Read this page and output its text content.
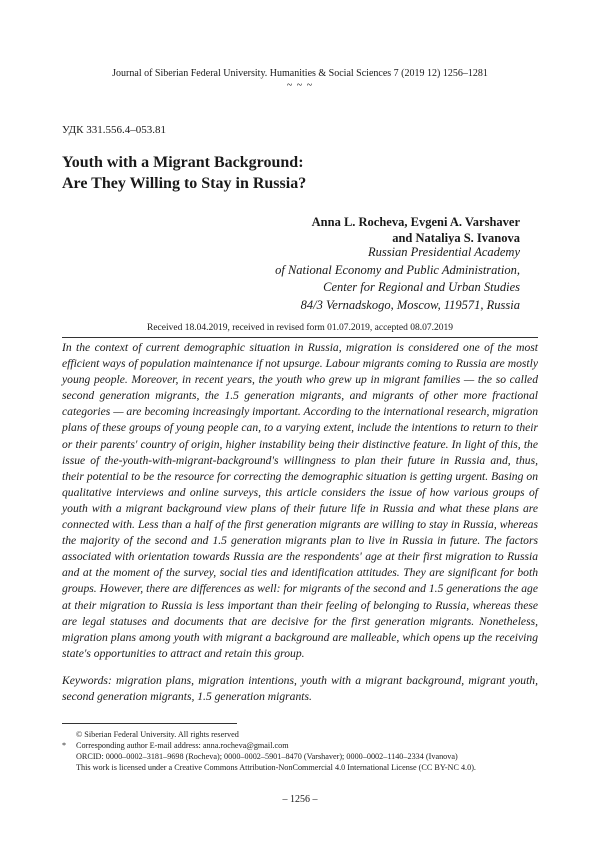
Journal of Siberian Federal University. Humanities & Social Sciences 7 (2019 12) 1256–1281
~ ~ ~
УДК 331.556.4–053.81
Youth with a Migrant Background:
Are They Willing to Stay in Russia?
Anna L. Rocheva, Evgeni A. Varshaver
and Nataliya S. Ivanova
Russian Presidential Academy
of National Economy and Public Administration,
Center for Regional and Urban Studies
84/3 Vernadskogo, Moscow, 119571, Russia
Received 18.04.2019, received in revised form 01.07.2019, accepted 08.07.2019
In the context of current demographic situation in Russia, migration is considered one of the most efficient ways of population maintenance if not upsurge. Labour migrants coming to Russia are mostly young people. Moreover, in recent years, the youth who grew up in migrant families — the so called second generation migrants, the 1.5 generation migrants, and migrants of other more fractional categories — are becoming increasingly important. According to the international research, migration plans of these groups of young people can, to a varying extent, include the intentions to return to their or their parents' country of origin, higher instability being their distinctive feature. In light of this, the issue of the-youth-with-migrant-background's willingness to plan their future in Russia and, thus, their potential to be the resource for correcting the demographic situation is getting urgent. Basing on qualitative interviews and online surveys, this article considers the issue of how various groups of youth with a migrant background view plans of their future life in Russia and what these plans are connected with. Less than a half of the first generation migrants are willing to stay in Russia, whereas the majority of the second and 1.5 generation migrants plan to live in Russia in future. The factors associated with orientation towards Russia are the respondents' age at their first migration to Russia and at the moment of the survey, social ties and identification attitudes. They are significant for both groups. However, there are differences as well: for migrants of the second and 1.5 generations the age at their migration to Russia is less important than their feeling of belonging to Russia, whereas these are legal statuses and documents that are decisive for the first generation migrants. Nonetheless, migration plans among youth with migrant a background are malleable, which opens up the receiving state's opportunities to attract and retain this group.
Keywords: migration plans, migration intentions, youth with a migrant background, migrant youth, second generation migrants, 1.5 generation migrants.
© Siberian Federal University. All rights reserved
*	Corresponding author E-mail address: anna.rocheva@gmail.com
ORCID: 0000–0002–3181–9698 (Rocheva); 0000–0002–5901–8470 (Varshaver); 0000–0002–1140–2334 (Ivanova)
This work is licensed under a Creative Commons Attribution-NonCommercial 4.0 International License (CC BY-NC 4.0).
– 1256 –
